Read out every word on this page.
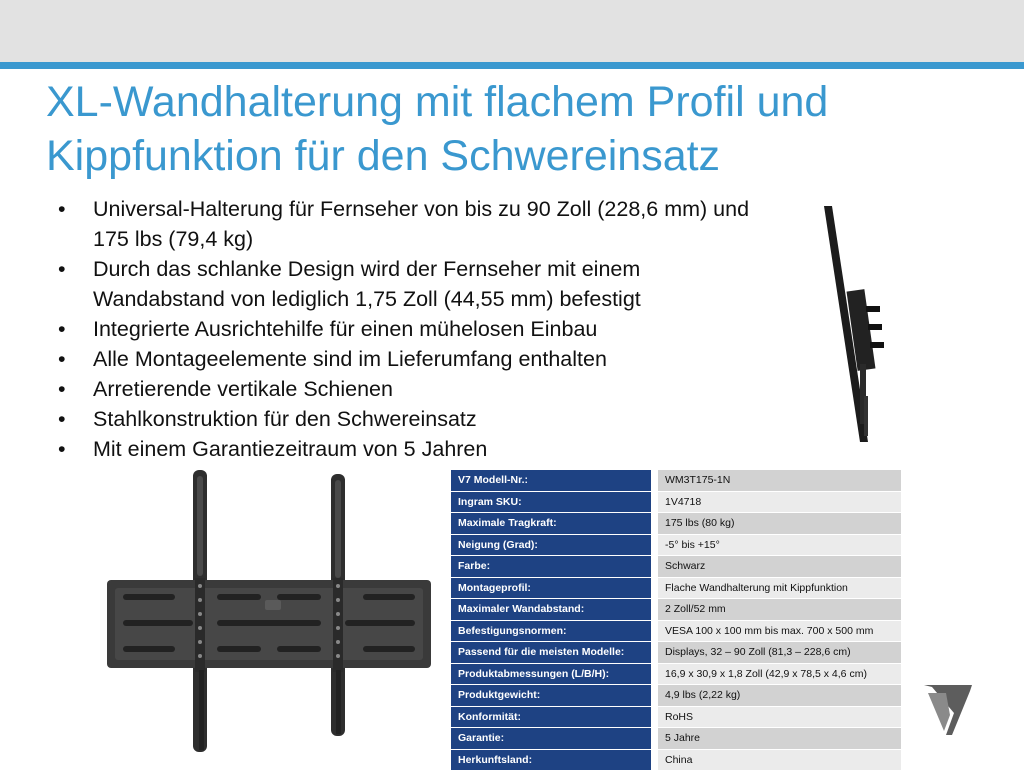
XL-Wandhalterung mit flachem Profil und Kippfunktion für den Schwereinsatz
• Universal-Halterung für Fernseher von bis zu 90 Zoll (228,6 mm) und 175 lbs (79,4 kg)
• Durch das schlanke Design wird der Fernseher mit einem Wandabstand von lediglich 1,75 Zoll (44,55 mm) befestigt
• Integrierte Ausrichtehilfe für einen mühelosen Einbau
• Alle Montageelemente sind im Lieferumfang enthalten
• Arretierende vertikale Schienen
• Stahlkonstruktion für den Schwereinsatz
• Mit einem Garantiezeitraum von 5 Jahren
V7 Modell-Nr.:	WM3T175-1N
Ingram SKU:	1V4718
Maximale Tragkraft:	175 lbs (80 kg)
Neigung (Grad):	-5° bis +15°
Farbe:	Schwarz
Montageprofil:	Flache Wandhalterung mit Kippfunktion
Maximaler Wandabstand:	2 Zoll/52 mm
Befestigungsnormen:	VESA 100 x 100 mm bis max. 700 x 500 mm
Passend für die meisten Modelle:	Displays, 32 – 90 Zoll (81,3 – 228,6 cm)
Produktabmessungen (L/B/H):	16,9 x 30,9 x 1,8 Zoll (42,9 x 78,5 x 4,6 cm)
Produktgewicht:	4,9 lbs (2,22 kg)
Konformität:	RoHS
Garantie:	5 Jahre
Herkunftsland:	China
